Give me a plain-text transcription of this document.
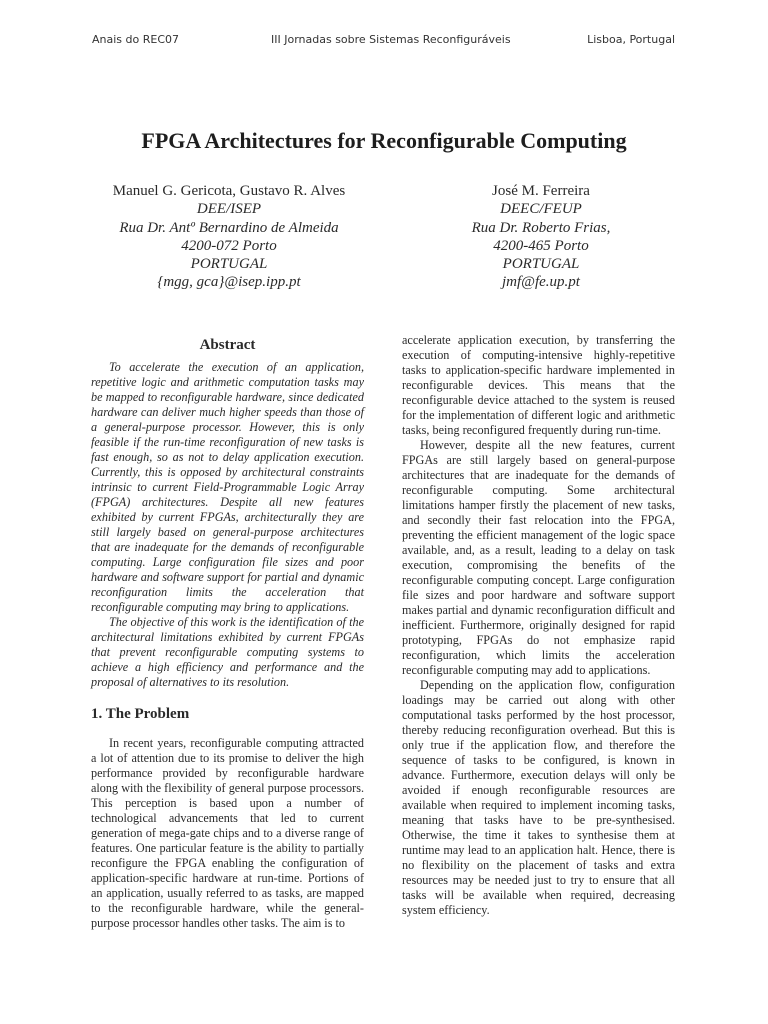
Anais do REC07	III Jornadas sobre Sistemas Reconfiguráveis	Lisboa, Portugal
FPGA Architectures for Reconfigurable Computing
Manuel G. Gericota, Gustavo R. Alves
DEE/ISEP
Rua Dr. Antº Bernardino de Almeida
4200-072 Porto
PORTUGAL
{mgg, gca}@isep.ipp.pt
José M. Ferreira
DEEC/FEUP
Rua Dr. Roberto Frias,
4200-465 Porto
PORTUGAL
jmf@fe.up.pt
Abstract

To accelerate the execution of an application, repetitive logic and arithmetic computation tasks may be mapped to reconfigurable hardware, since dedicated hardware can deliver much higher speeds than those of a general-purpose processor. However, this is only feasible if the run-time reconfiguration of new tasks is fast enough, so as not to delay application execution. Currently, this is opposed by architectural constraints intrinsic to current Field-Programmable Logic Array (FPGA) architectures. Despite all new features exhibited by current FPGAs, architecturally they are still largely based on general-purpose architectures that are inadequate for the demands of reconfigurable computing. Large configuration file sizes and poor hardware and software support for partial and dynamic reconfiguration limits the acceleration that reconfigurable computing may bring to applications.

The objective of this work is the identification of the architectural limitations exhibited by current FPGAs that prevent reconfigurable computing systems to achieve a high efficiency and performance and the proposal of alternatives to its resolution.

1. The Problem

In recent years, reconfigurable computing attracted a lot of attention due to its promise to deliver the high performance provided by reconfigurable hardware along with the flexibility of general purpose processors. This perception is based upon a number of technological advancements that led to current generation of mega-gate chips and to a diverse range of features. One particular feature is the ability to partially reconfigure the FPGA enabling the configuration of application-specific hardware at run-time. Portions of an application, usually referred to as tasks, are mapped to the reconfigurable hardware, while the general-purpose processor handles other tasks. The aim is to

accelerate application execution, by transferring the execution of computing-intensive highly-repetitive tasks to application-specific hardware implemented in reconfigurable devices. This means that the reconfigurable device attached to the system is reused for the implementation of different logic and arithmetic tasks, being reconfigured frequently during run-time.

However, despite all the new features, current FPGAs are still largely based on general-purpose architectures that are inadequate for the demands of reconfigurable computing. Some architectural limitations hamper firstly the placement of new tasks, and secondly their fast relocation into the FPGA, preventing the efficient management of the logic space available, and, as a result, leading to a delay on task execution, compromising the benefits of the reconfigurable computing concept. Large configuration file sizes and poor hardware and software support makes partial and dynamic reconfiguration difficult and inefficient. Furthermore, originally designed for rapid prototyping, FPGAs do not emphasize rapid reconfiguration, which limits the acceleration reconfigurable computing may add to applications.

Depending on the application flow, configuration loadings may be carried out along with other computational tasks performed by the host processor, thereby reducing reconfiguration overhead. But this is only true if the application flow, and therefore the sequence of tasks to be configured, is known in advance. Furthermore, execution delays will only be avoided if enough reconfigurable resources are available when required to implement incoming tasks, meaning that tasks have to be pre-synthesised. Otherwise, the time it takes to synthesise them at runtime may lead to an application halt. Hence, there is no flexibility on the placement of tasks and extra resources may be needed just to try to ensure that all tasks will be available when required, decreasing system efficiency.
